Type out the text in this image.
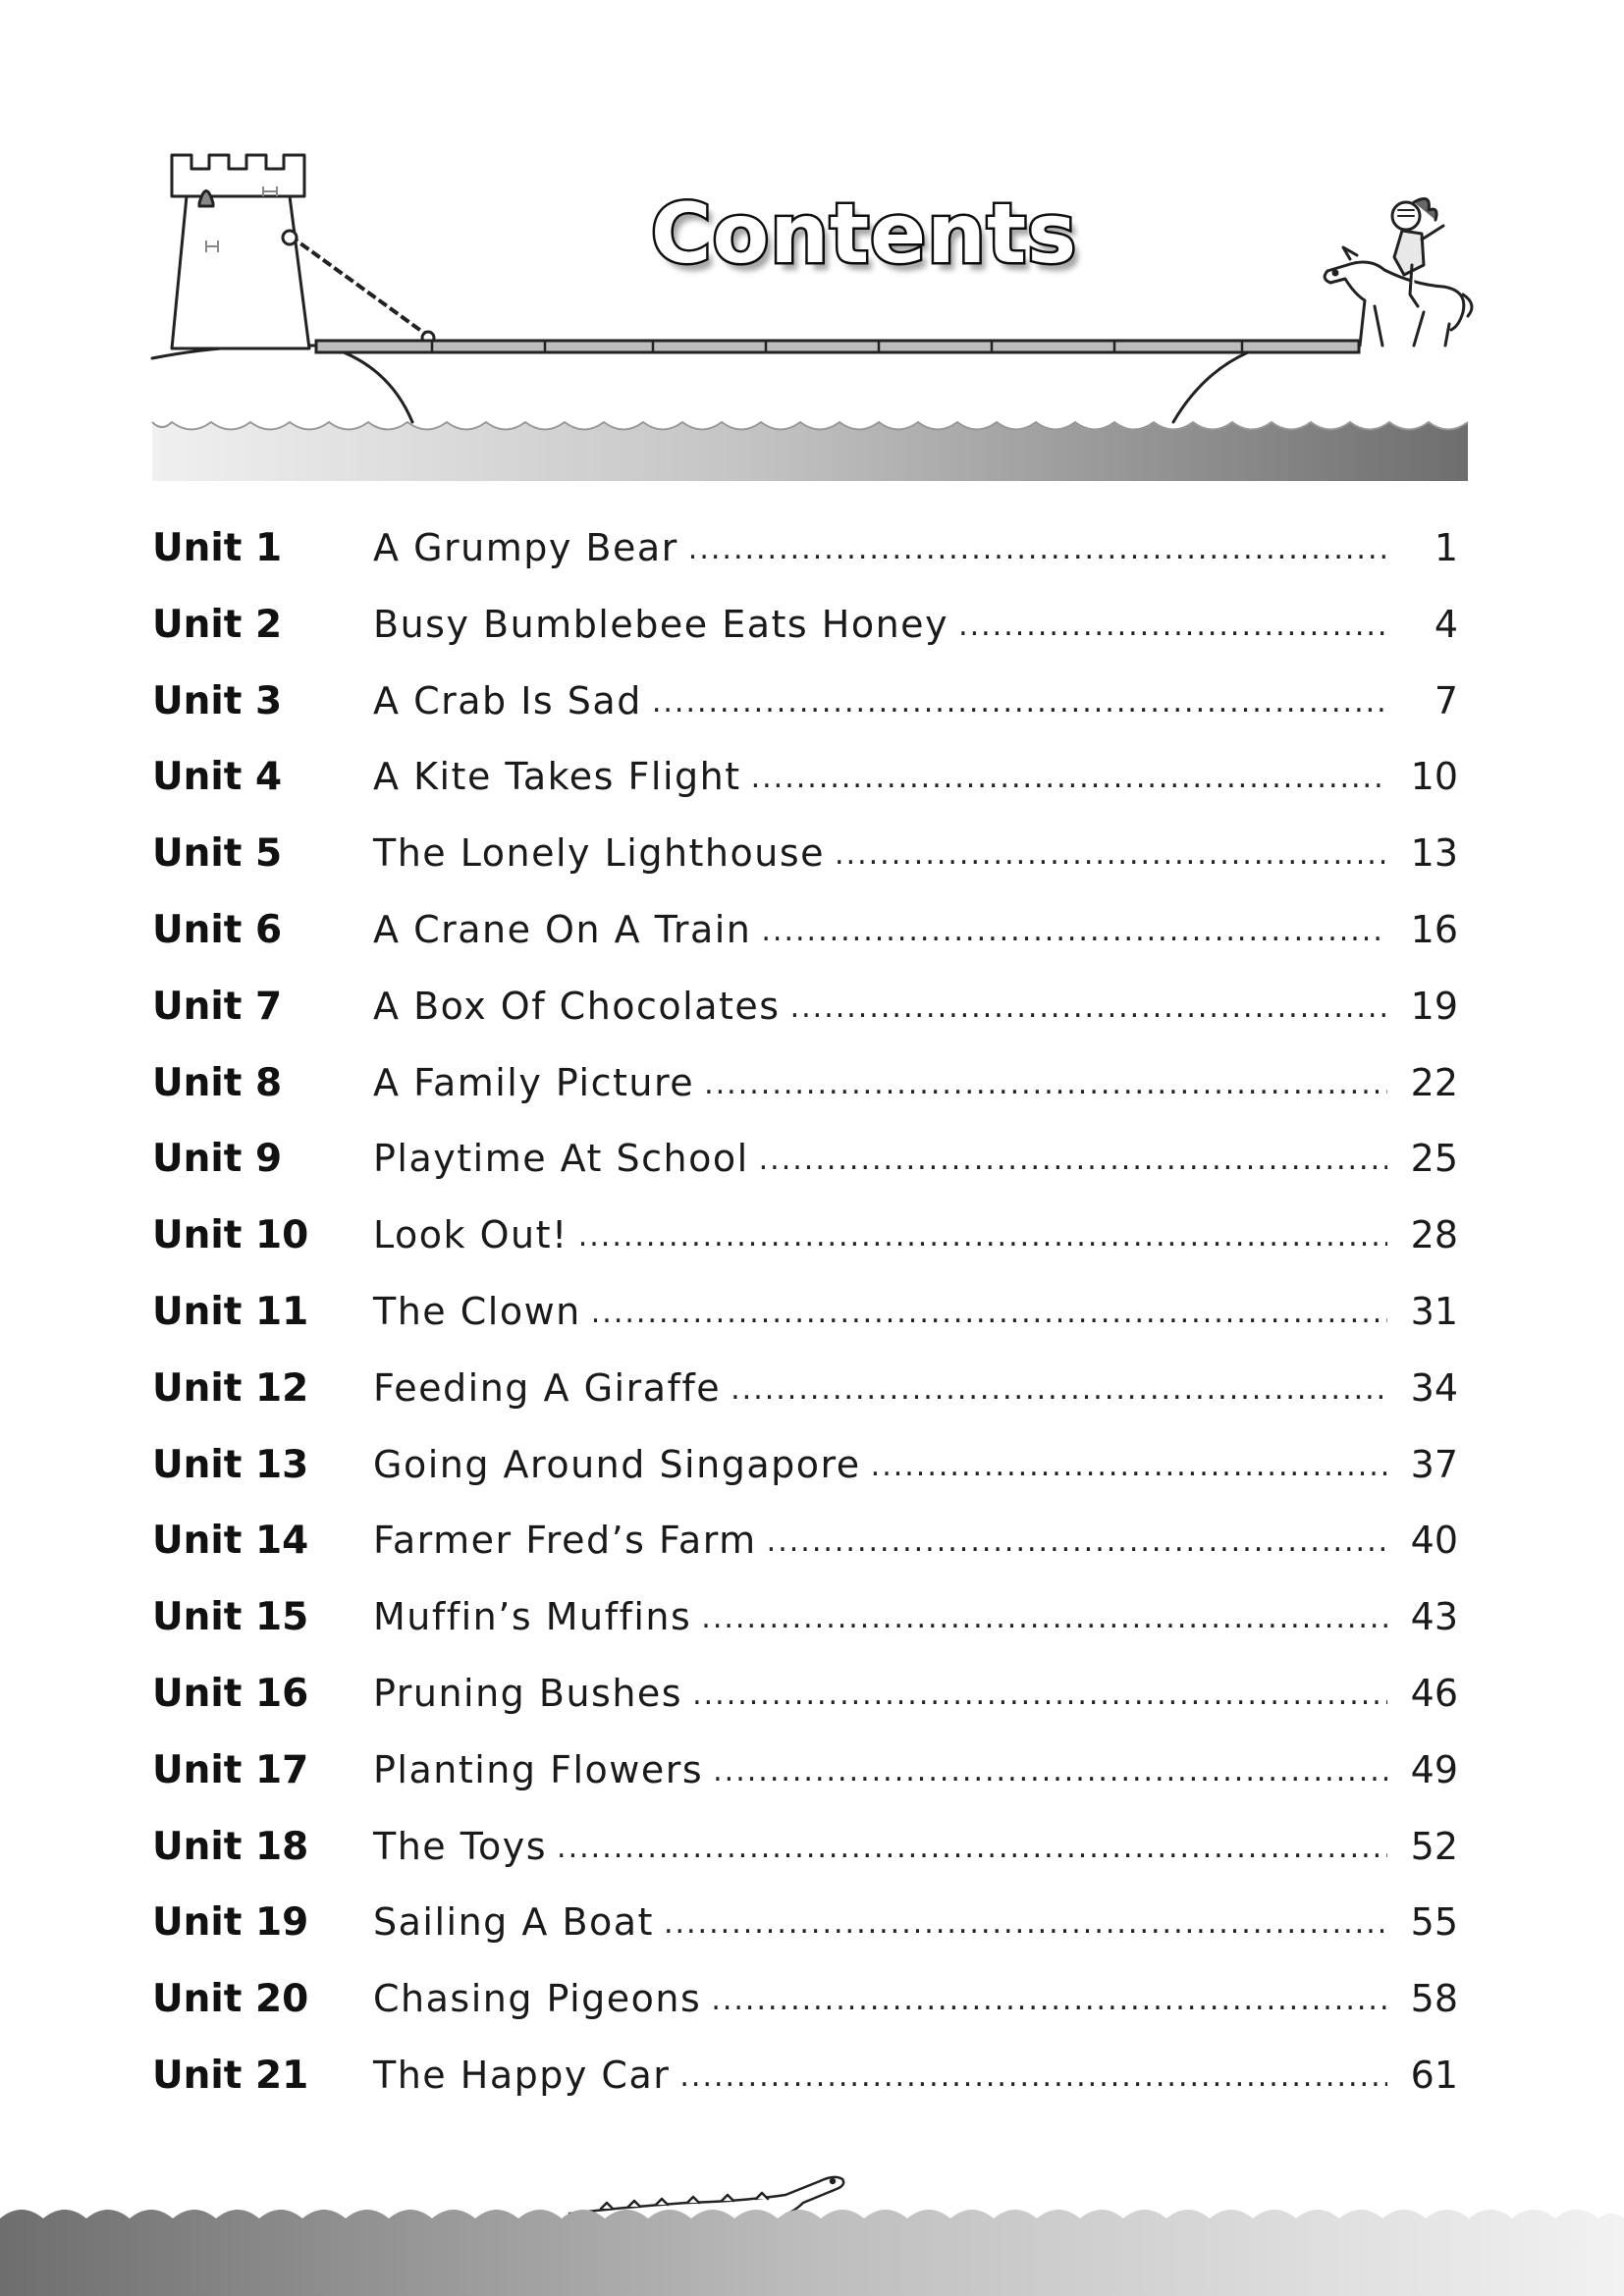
Contents
Unit 1	A Grumpy Bear .....	1
Unit 2	Busy Bumblebee Eats Honey .....	4
Unit 3	A Crab Is Sad .....	7
Unit 4	A Kite Takes Flight .....	10
Unit 5	The Lonely Lighthouse .....	13
Unit 6	A Crane On A Train .....	16
Unit 7	A Box Of Chocolates .....	19
Unit 8	A Family Picture .....	22
Unit 9	Playtime At School .....	25
Unit 10	Look Out! .....	28
Unit 11	The Clown .....	31
Unit 12	Feeding A Giraffe .....	34
Unit 13	Going Around Singapore .....	37
Unit 14	Farmer Fred’s Farm .....	40
Unit 15	Muffin’s Muffins .....	43
Unit 16	Pruning Bushes .....	46
Unit 17	Planting Flowers .....	49
Unit 18	The Toys .....	52
Unit 19	Sailing A Boat .....	55
Unit 20	Chasing Pigeons .....	58
Unit 21	The Happy Car .....	61
